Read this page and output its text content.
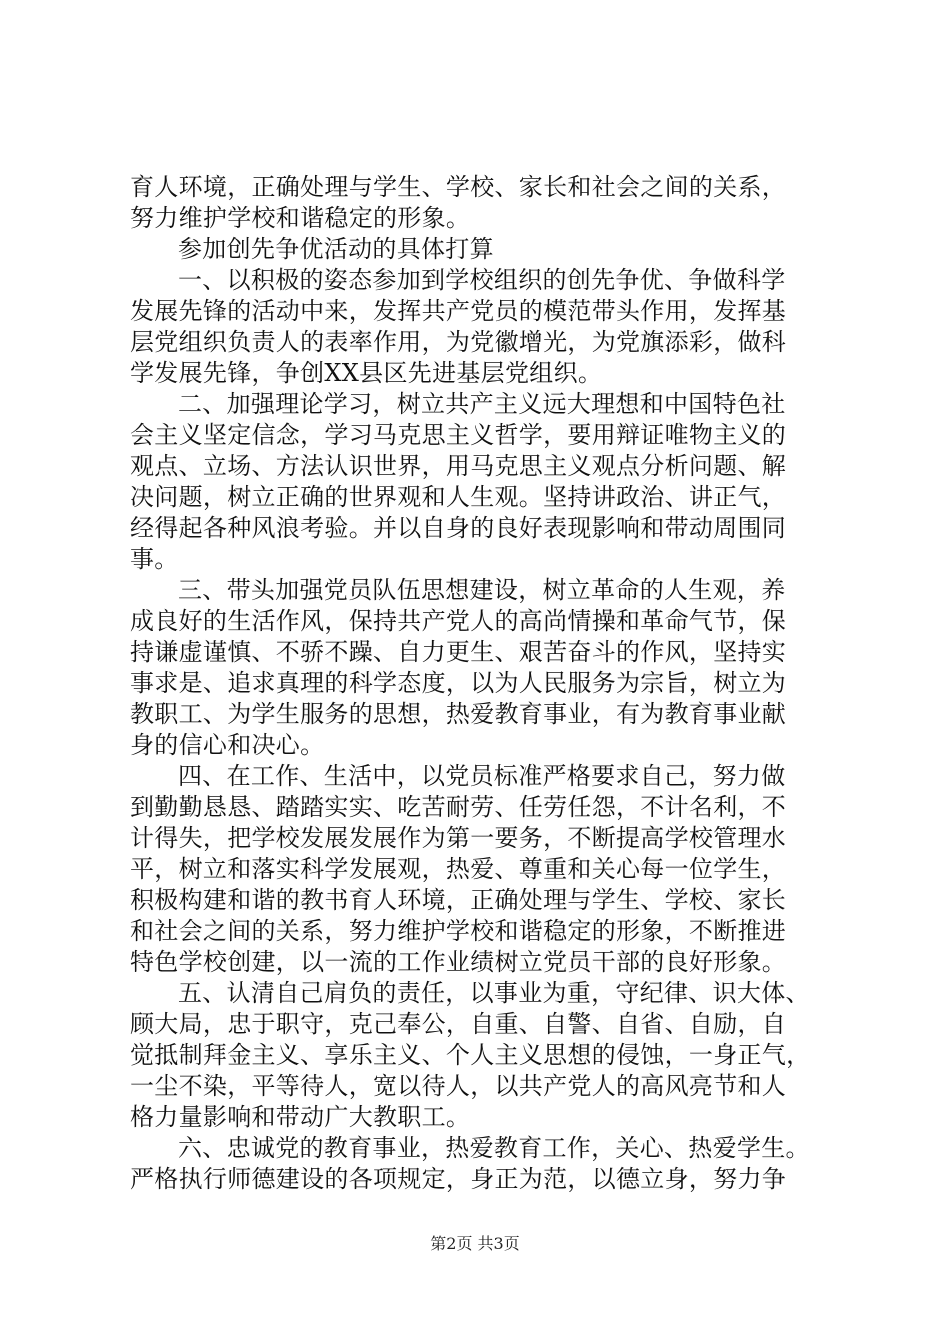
育人环境，正确处理与学生、学校、家长和社会之间的关系，
努力维护学校和谐稳定的形象。
参加创先争优活动的具体打算
一、以积极的姿态参加到学校组织的创先争优、争做科学
发展先锋的活动中来，发挥共产党员的模范带头作用，发挥基
层党组织负责人的表率作用，为党徽增光，为党旗添彩，做科
学发展先锋，争创XX县区先进基层党组织。
二、加强理论学习，树立共产主义远大理想和中国特色社
会主义坚定信念，学习马克思主义哲学，要用辩证唯物主义的
观点、立场、方法认识世界，用马克思主义观点分析问题、解
决问题，树立正确的世界观和人生观。坚持讲政治、讲正气，
经得起各种风浪考验。并以自身的良好表现影响和带动周围同
事。
三、带头加强党员队伍思想建设，树立革命的人生观，养
成良好的生活作风，保持共产党人的高尚情操和革命气节，保
持谦虚谨慎、不骄不躁、自力更生、艰苦奋斗的作风，坚持实
事求是、追求真理的科学态度，以为人民服务为宗旨，树立为
教职工、为学生服务的思想，热爱教育事业，有为教育事业献
身的信心和决心。
四、在工作、生活中，以党员标准严格要求自己，努力做
到勤勤恳恳、踏踏实实、吃苦耐劳、任劳任怨，不计名利，不
计得失，把学校发展发展作为第一要务，不断提高学校管理水
平，树立和落实科学发展观，热爱、尊重和关心每一位学生，
积极构建和谐的教书育人环境，正确处理与学生、学校、家长
和社会之间的关系，努力维护学校和谐稳定的形象，不断推进
特色学校创建，以一流的工作业绩树立党员干部的良好形象。
五、认清自己肩负的责任，以事业为重，守纪律、识大体、
顾大局，忠于职守，克己奉公，自重、自警、自省、自励，自
觉抵制拜金主义、享乐主义、个人主义思想的侵蚀，一身正气，
一尘不染，平等待人，宽以待人，以共产党人的高风亮节和人
格力量影响和带动广大教职工。
六、忠诚党的教育事业，热爱教育工作，关心、热爱学生。
严格执行师德建设的各项规定，身正为范，以德立身，努力争
第2页 共3页
